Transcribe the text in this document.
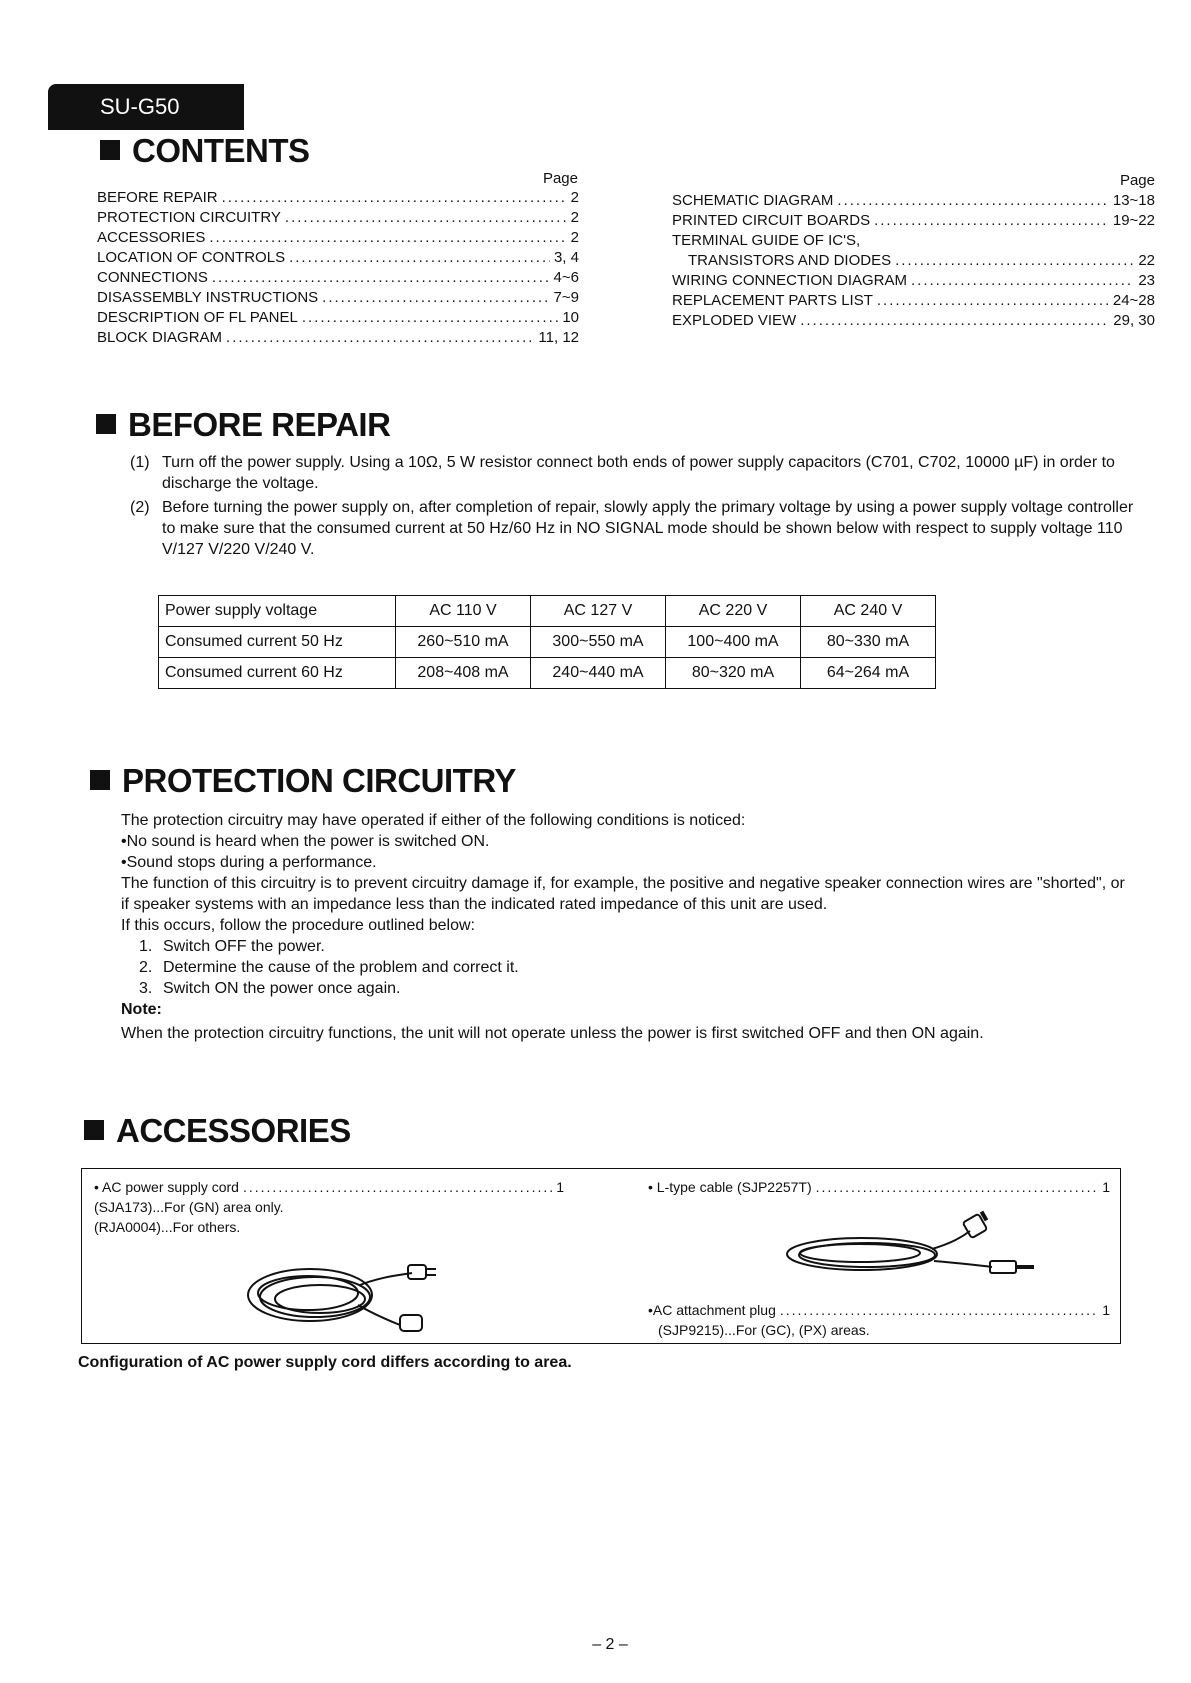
SU-G50
CONTENTS
Page
BEFORE REPAIR .....	2
PROTECTION CIRCUITRY .....	2
ACCESSORIES .....	2
LOCATION OF CONTROLS .....	3, 4
CONNECTIONS .....	4~6
DISASSEMBLY INSTRUCTIONS .....	7~9
DESCRIPTION OF FL PANEL .....	10
BLOCK DIAGRAM .....	11, 12
Page
SCHEMATIC DIAGRAM .....	13~18
PRINTED CIRCUIT BOARDS .....	19~22
TERMINAL GUIDE OF IC'S,
TRANSISTORS AND DIODES .....	22
WIRING CONNECTION DIAGRAM .....	23
REPLACEMENT PARTS LIST .....	24~28
EXPLODED VIEW .....	29, 30
BEFORE REPAIR
(1) Turn off the power supply. Using a 10Ω, 5 W resistor connect both ends of power supply capacitors (C701, C702, 10000 µF) in order to discharge the voltage.
(2) Before turning the power supply on, after completion of repair, slowly apply the primary voltage by using a power supply voltage controller to make sure that the consumed current at 50 Hz/60 Hz in NO SIGNAL mode should be shown below with respect to supply voltage 110 V/127 V/220 V/240 V.
Power supply voltage	AC 110 V	AC 127 V	AC 220 V	AC 240 V
Consumed current 50 Hz	260~510 mA	300~550 mA	100~400 mA	80~330 mA
Consumed current 60 Hz	208~408 mA	240~440 mA	80~320 mA	64~264 mA
PROTECTION CIRCUITRY
The protection circuitry may have operated if either of the following conditions is noticed:
•No sound is heard when the power is switched ON.
•Sound stops during a performance.
The function of this circuitry is to prevent circuitry damage if, for example, the positive and negative speaker connection wires are "shorted", or if speaker systems with an impedance less than the indicated rated impedance of this unit are used.
If this occurs, follow the procedure outlined below:
1. Switch OFF the power.
2. Determine the cause of the problem and correct it.
3. Switch ON the power once again.
Note:
When the protection circuitry functions, the unit will not operate unless the power is first switched OFF and then ON again.
ACCESSORIES
• AC power supply cord .....	1
(SJA173)...For (GN) area only.
(RJA0004)...For others.
• L-type cable (SJP2257T) .....	1
•AC attachment plug .....	1
(SJP9215)...For (GC), (PX) areas.
Configuration of AC power supply cord differs according to area.
– 2 –
